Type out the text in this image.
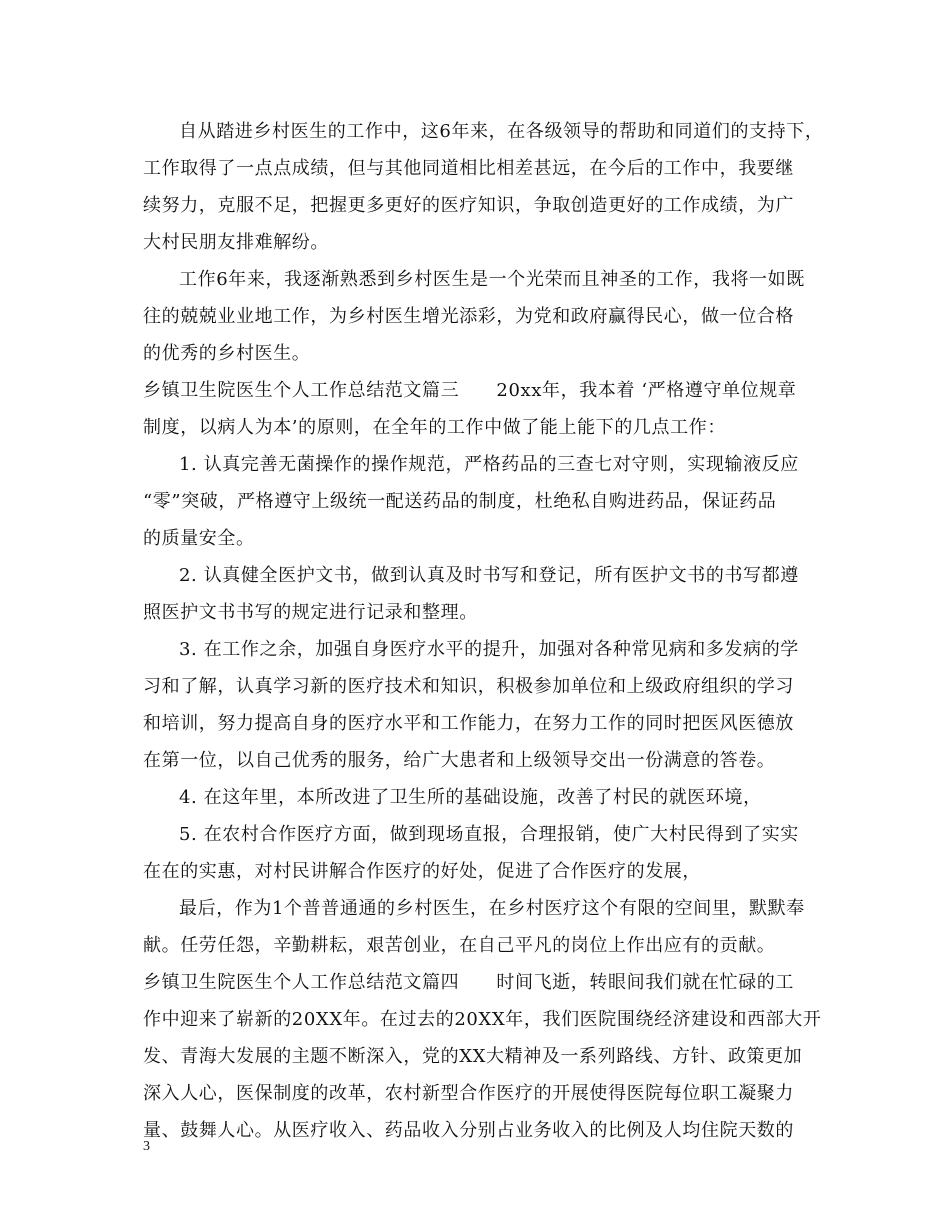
自从踏进乡村医生的工作中，这6年来，在各级领导的帮助和同道们的支持下，
工作取得了一点点成绩，但与其他同道相比相差甚远，在今后的工作中，我要继
续努力，克服不足，把握更多更好的医疗知识，争取创造更好的工作成绩，为广
大村民朋友排难解纷。
工作6年来，我逐渐熟悉到乡村医生是一个光荣而且神圣的工作，我将一如既
往的兢兢业业地工作，为乡村医生增光添彩，为党和政府赢得民心，做一位合格
的优秀的乡村医生。
乡镇卫生院医生个人工作总结范文篇三　　20xx年，我本着 ‘严格遵守单位规章
制度，以病人为本’的原则，在全年的工作中做了能上能下的几点工作：
1. 认真完善无菌操作的操作规范，严格药品的三查七对守则，实现输液反应
“零”突破，严格遵守上级统一配送药品的制度，杜绝私自购进药品，保证药品
的质量安全。
2. 认真健全医护文书，做到认真及时书写和登记，所有医护文书的书写都遵
照医护文书书写的规定进行记录和整理。
3. 在工作之余，加强自身医疗水平的提升，加强对各种常见病和多发病的学
习和了解，认真学习新的医疗技术和知识，积极参加单位和上级政府组织的学习
和培训，努力提高自身的医疗水平和工作能力，在努力工作的同时把医风医德放
在第一位，以自己优秀的服务，给广大患者和上级领导交出一份满意的答卷。
4. 在这年里，本所改进了卫生所的基础设施，改善了村民的就医环境，
5. 在农村合作医疗方面，做到现场直报，合理报销，使广大村民得到了实实
在在的实惠，对村民讲解合作医疗的好处，促进了合作医疗的发展，
最后，作为1个普普通通的乡村医生，在乡村医疗这个有限的空间里，默默奉
献。任劳任怨，辛勤耕耘，艰苦创业，在自己平凡的岗位上作出应有的贡献。
乡镇卫生院医生个人工作总结范文篇四　　时间飞逝，转眼间我们就在忙碌的工
作中迎来了崭新的20XX年。在过去的20XX年，我们医院围绕经济建设和西部大开
发、青海大发展的主题不断深入，党的XX大精神及一系列路线、方针、政策更加
深入人心，医保制度的改革，农村新型合作医疗的开展使得医院每位职工凝聚力
量、鼓舞人心。从医疗收入、药品收入分别占业务收入的比例及人均住院天数的
3
